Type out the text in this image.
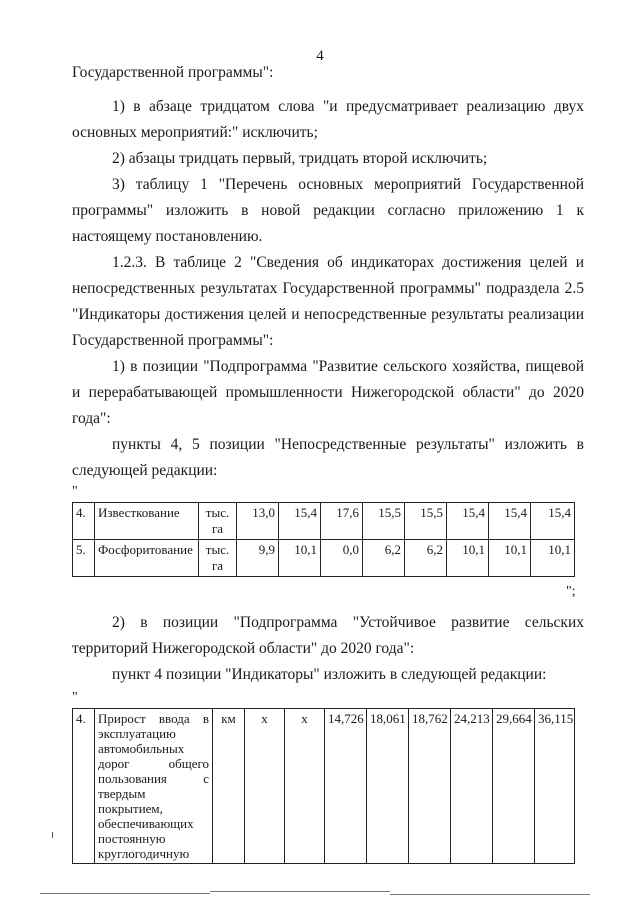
4

Государственной программы":

1) в абзаце тридцатом слова "и предусматривает реализацию двух основных мероприятий:" исключить;

2) абзацы тридцать первый, тридцать второй исключить;

3) таблицу 1 "Перечень основных мероприятий Государственной программы" изложить в новой редакции согласно приложению 1 к настоящему постановлению.

1.2.3. В таблице 2 "Сведения об индикаторах достижения целей и непосредственных результатах Государственной программы" подраздела 2.5 "Индикаторы достижения целей и непосредственные результаты реализации Государственной программы":

1) в позиции "Подпрограмма "Развитие сельского хозяйства, пищевой и перерабатывающей промышленности Нижегородской области" до 2020 года":

пункты 4, 5 позиции "Непосредственные результаты" изложить в следующей редакции:

"
4.	Известкование	тыс. га	13,0	15,4	17,6	15,5	15,5	15,4	15,4	15,4
5.	Фосфоритование	тыс. га	9,9	10,1	0,0	6,2	6,2	10,1	10,1	10,1
";

2) в позиции "Подпрограмма "Устойчивое развитие сельских территорий Нижегородской области" до 2020 года":

пункт 4 позиции "Индикаторы" изложить в следующей редакции:

"
4.	Прирост ввода в эксплуатацию автомобильных дорог общего пользования с твердым покрытием, обеспечивающих постоянную круглогодичную	км	х	х	14,726	18,061	18,762	24,213	29,664	36,115
